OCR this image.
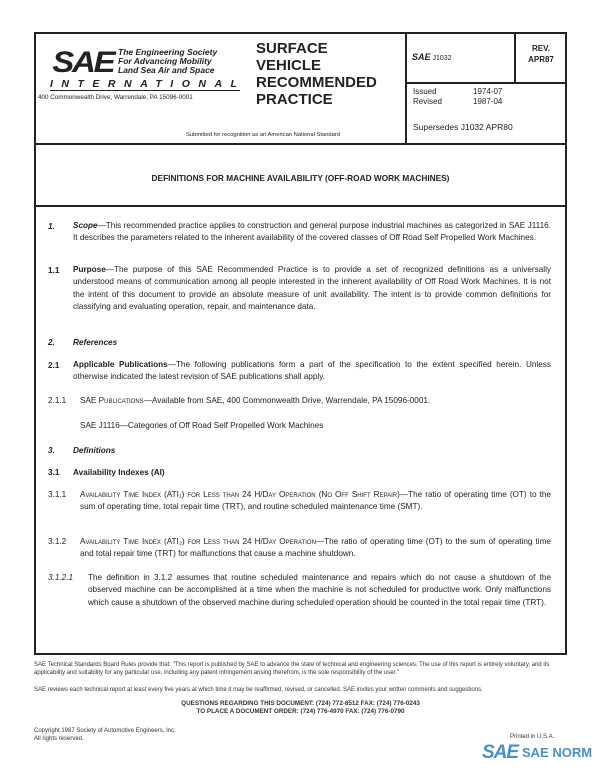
SAE The Engineering Society
For Advancing Mobility
Land Sea Air and Space
INTERNATIONAL
400 Commonwealth Drive, Warrendale, PA 15096-0001
SURFACE
VEHICLE
RECOMMENDED
PRACTICE
Submitted for recognition as an American National Standard
SAE J1032
REV.
APR87
Issued	1974-07
Revised	1987-04
Supersedes J1032 APR80
DEFINITIONS FOR MACHINE AVAILABILITY (OFF-ROAD WORK MACHINES)
1. Scope—This recommended practice applies to construction and general purpose industrial machines as categorized in SAE J1116. It describes the parameters related to the inherent availability of the covered classes of Off Road Self Propelled Work Machines.
1.1 Purpose—The purpose of this SAE Recommended Practice is to provide a set of recognized definitions as a universally understood means of communication among all people interested in the inherent availability of Off Road Work Machines. It is not the intent of this document to provide an absolute measure of unit availability. The intent is to provide common definitions for classifying and evaluating operation, repair, and maintenance data.
2. References
2.1 Applicable Publications—The following publications form a part of the specification to the extent specified herein. Unless otherwise indicated the latest revision of SAE publications shall apply.
2.1.1 SAE Publications—Available from SAE, 400 Commonwealth Drive, Warrendale, PA 15096-0001.
SAE J1116—Categories of Off Road Self Propelled Work Machines
3. Definitions
3.1 Availability Indexes (AI)
3.1.1 Availability Time Index (ATI₁) for Less than 24 H/Day Operation (No Off Shift Repair)—The ratio of operating time (OT) to the sum of operating time, total repair time (TRT), and routine scheduled maintenance time (SMT).
3.1.2 Availability Time Index (ATI₂) for Less than 24 H/Day Operation—The ratio of operating time (OT) to the sum of operating time and total repair time (TRT) for malfunctions that cause a machine shutdown.
3.1.2.1 The definition in 3.1.2 assumes that routine scheduled maintenance and repairs which do not cause a shutdown of the observed machine can be accomplished at a time when the machine is not scheduled for productive work. Only malfunctions which cause a shutdown of the observed machine during scheduled operation should be counted in the total repair time (TRT).
SAE Technical Standards Board Rules provide that: "This report is published by SAE to advance the state of technical and engineering sciences. The use of this report is entirely voluntary, and its applicability and suitability for any particular use, including any patent infringement arising therefrom, is the sole responsibility of the user."
SAE reviews each technical report at least every five years at which time it may be reaffirmed, revised, or cancelled. SAE invites your written comments and suggestions.
QUESTIONS REGARDING THIS DOCUMENT: (724) 772-8512 FAX: (724) 776-0243
TO PLACE A DOCUMENT ORDER: (724) 776-4970 FAX: (724) 776-0790
Copyright 1987 Society of Automotive Engineers, Inc.
All rights reserved.	Printed in U.S.A.
SAE SAE NORM
